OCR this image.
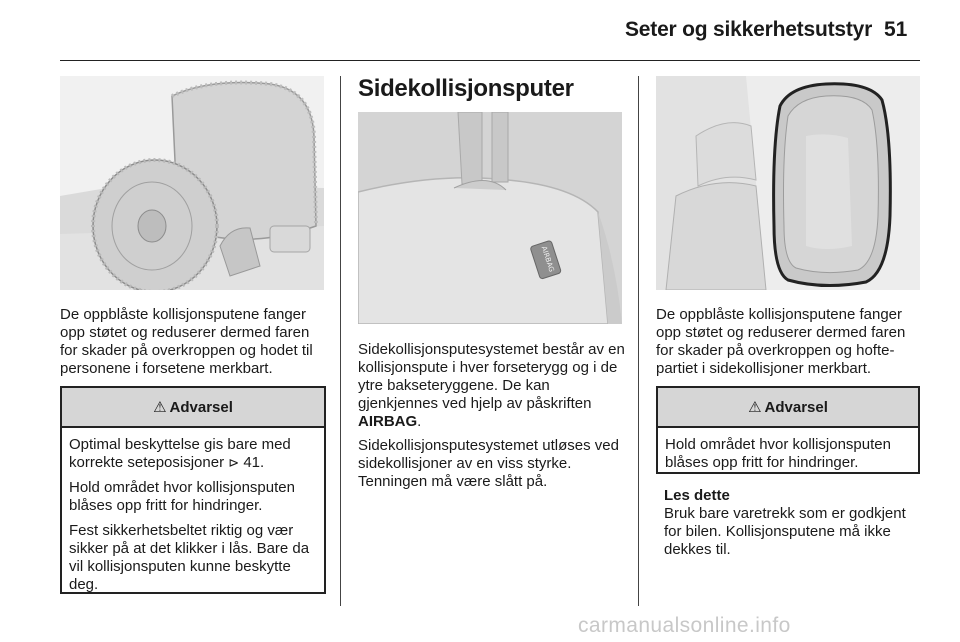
Seter og sikkerhetsutstyr 51

De oppblåste kollisjonsputene fanger opp støtet og reduserer dermed faren for skader på overkroppen og hodet til personene i forsetene merkbart.

⚠ Advarsel

Optimal beskyttelse gis bare med korrekte seteposisjoner ⊳ 41.

Hold området hvor kollisjonsputen blåses opp fritt for hindringer.

Fest sikkerhetsbeltet riktig og vær sikker på at det klikker i lås. Bare da vil kollisjonsputen kunne beskytte deg.

Sidekollisjonsputer
AIRBAG

Sidekollisjonsputesystemet består av en kollisjonspute i hver forseterygg og i de ytre bakseteryggene. De kan gjenkjennes ved hjelp av påskriften AIRBAG.

Sidekollisjonsputesystemet utløses ved sidekollisjoner av en viss styrke. Tenningen må være slått på.

De oppblåste kollisjonsputene fanger opp støtet og reduserer dermed faren for skader på overkroppen og hoftepartiet i sidekollisjoner merkbart.

⚠ Advarsel

Hold området hvor kollisjonsputen blåses opp fritt for hindringer.

Les dette
Bruk bare varetrekk som er godkjent for bilen. Kollisjonsputene må ikke dekkes til.
carmanualsonline.info
